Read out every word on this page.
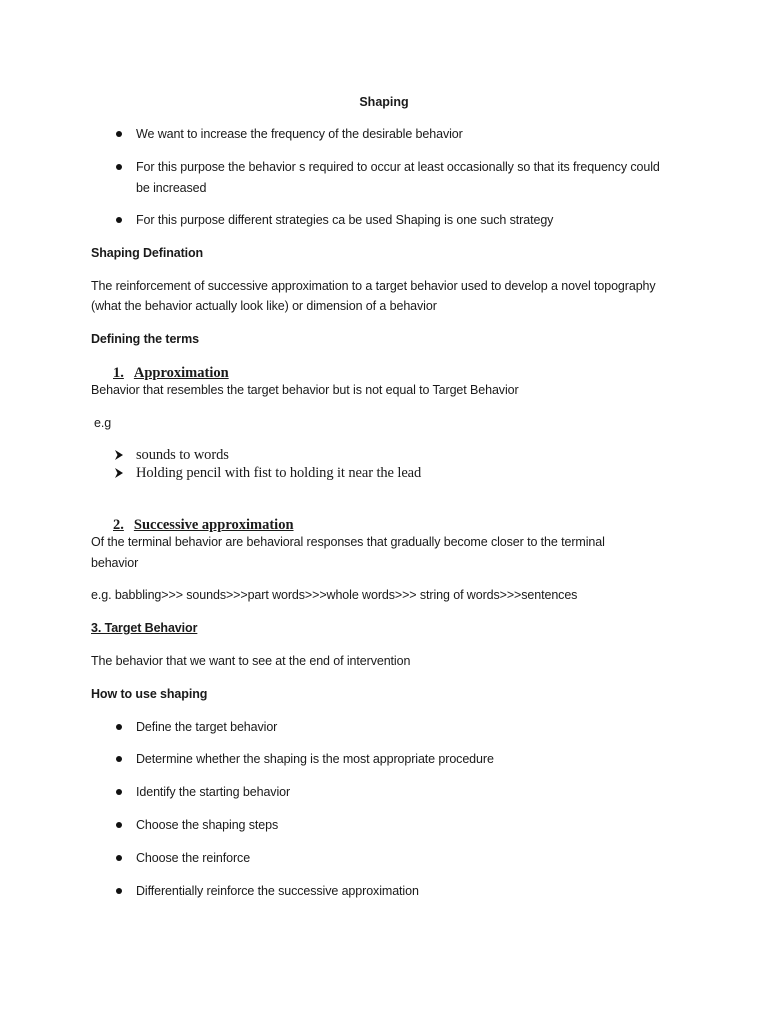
Shaping
We want to increase the frequency of the desirable behavior
For this purpose the behavior s required to occur at least occasionally so that its frequency could
be increased
For this purpose different strategies ca be used Shaping is one such strategy
Shaping Defination
The reinforcement of successive approximation to a target behavior used to develop a novel topography
(what the behavior actually look like) or dimension of a behavior
Defining the terms
1. Approximation
Behavior that resembles the target behavior but is not equal to Target Behavior
e.g
sounds to words
Holding pencil with fist to holding it near the lead
2. Successive approximation
Of the terminal behavior are behavioral responses that gradually become closer to the terminal
behavior
e.g. babbling>>> sounds>>>part words>>>whole words>>> string of words>>>sentences
3. Target Behavior
The behavior that we want to see at the end of intervention
How to use shaping
Define the target behavior
Determine whether the shaping is the most appropriate procedure
Identify the starting behavior
Choose the shaping steps
Choose the reinforce
Differentially reinforce the successive approximation
